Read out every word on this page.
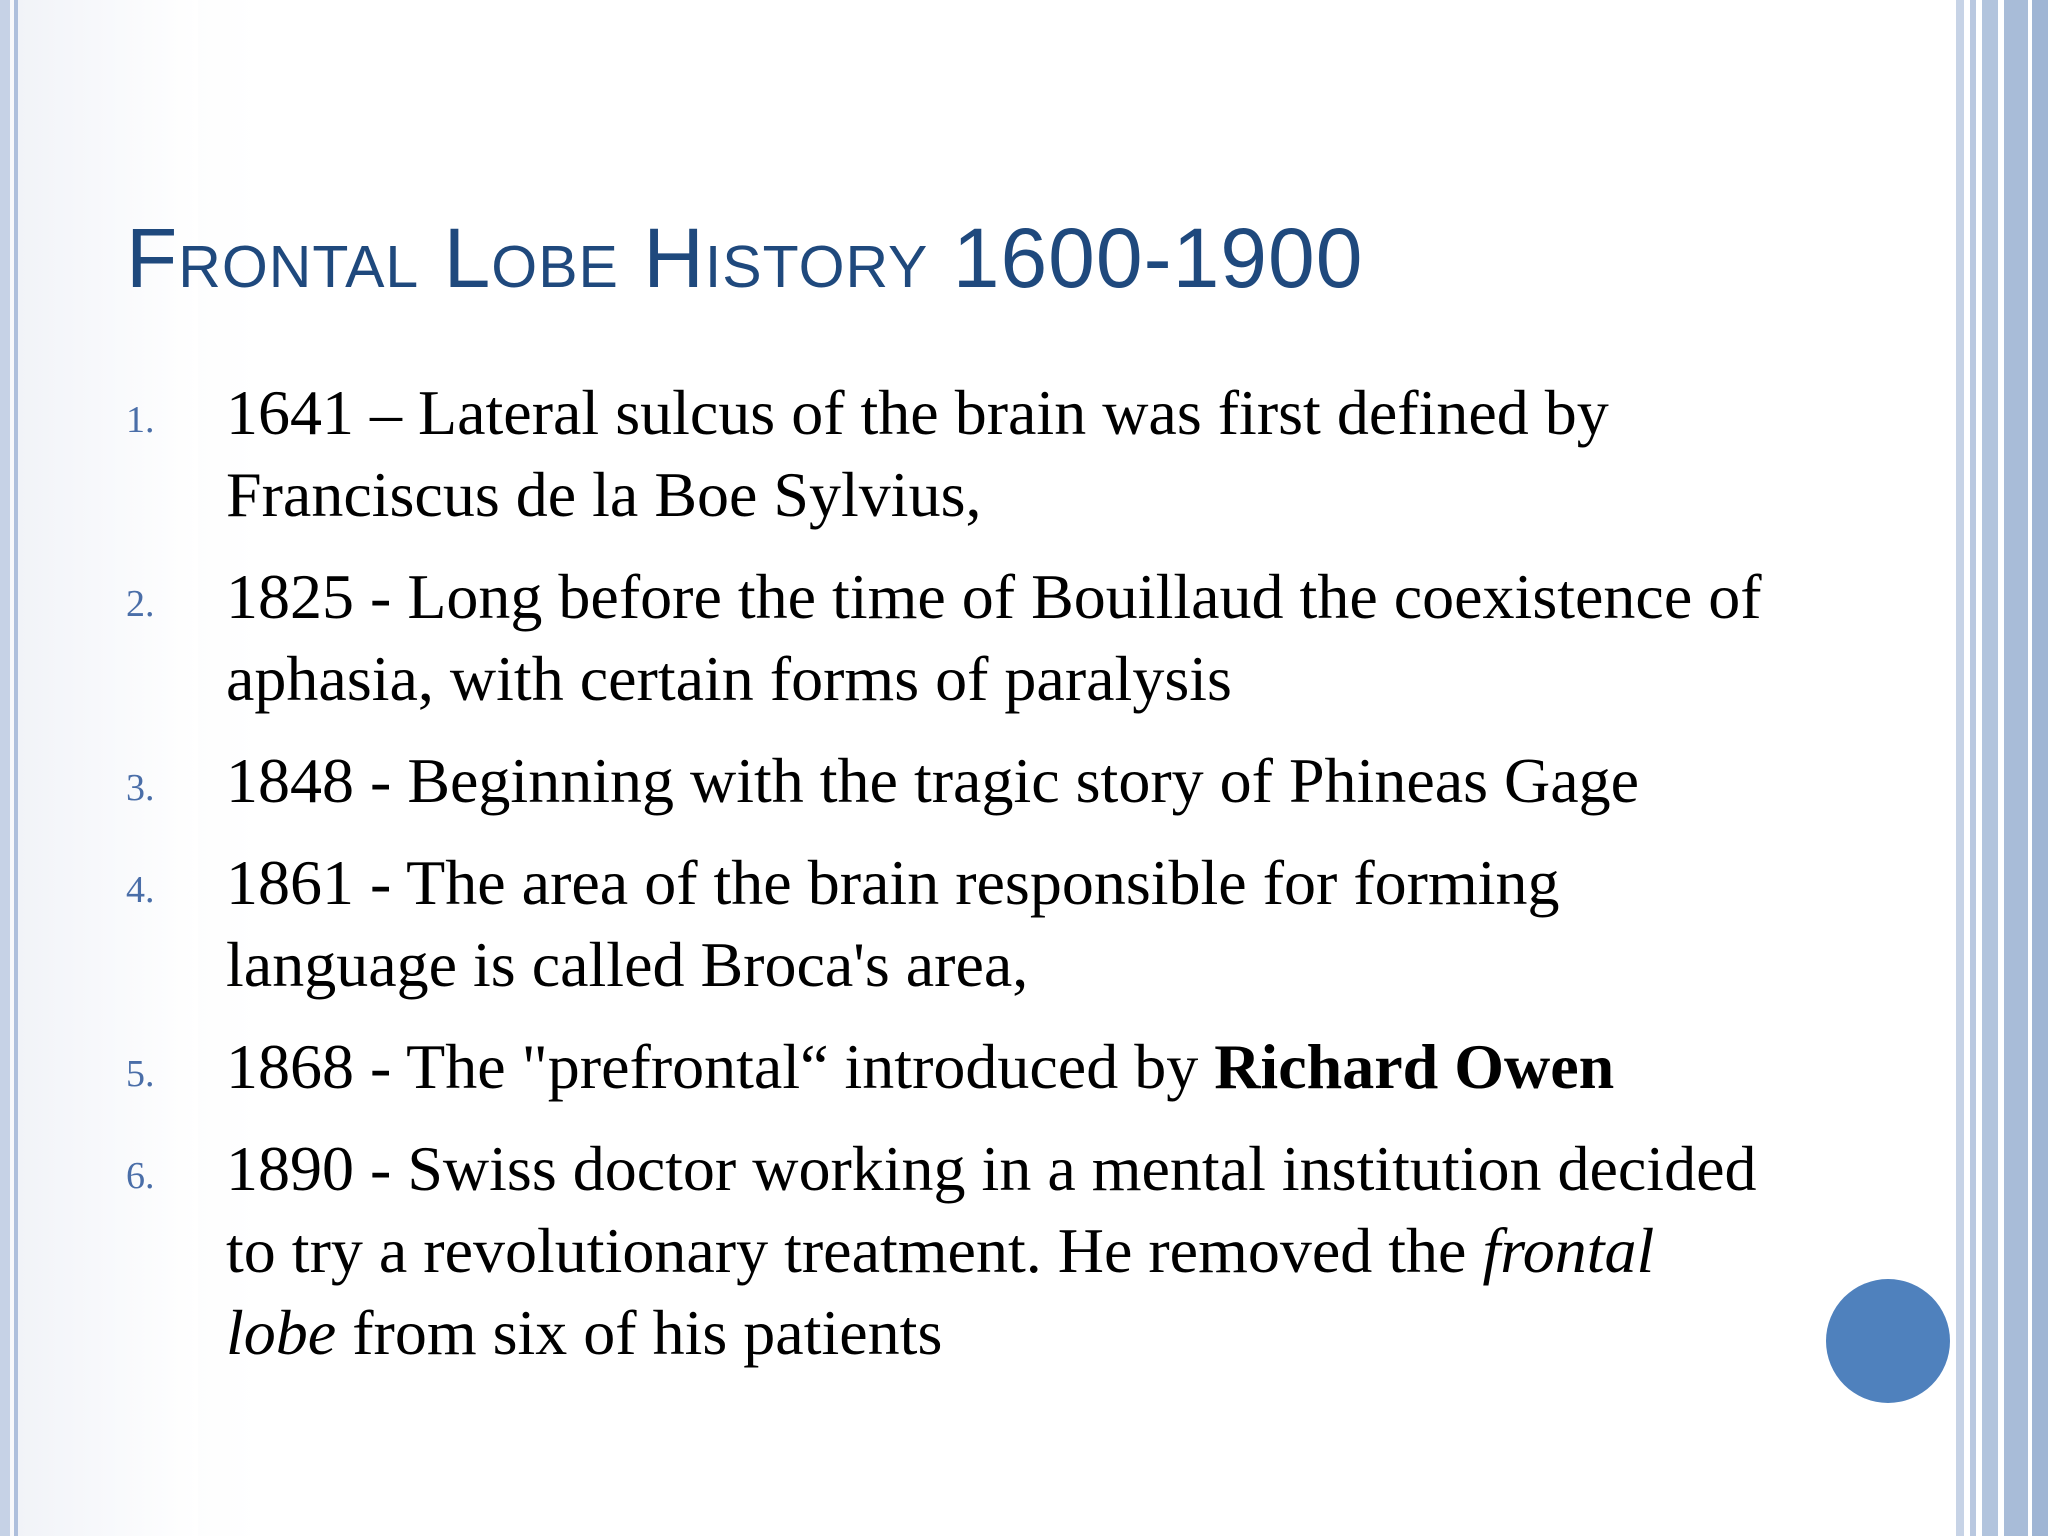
Frontal Lobe History 1600-1900
1. 1641 – Lateral sulcus of the brain was first defined by Franciscus de la Boe Sylvius,
2. 1825 - Long before the time of Bouillaud the coexistence of aphasia, with certain forms of paralysis
3. 1848 - Beginning with the tragic story of Phineas Gage
4. 1861 - The area of the brain responsible for forming language is called Broca's area,
5. 1868 - The "prefrontal“ introduced by Richard Owen
6. 1890 - Swiss doctor working in a mental institution decided to try a revolutionary treatment. He removed the frontal lobe from six of his patients
